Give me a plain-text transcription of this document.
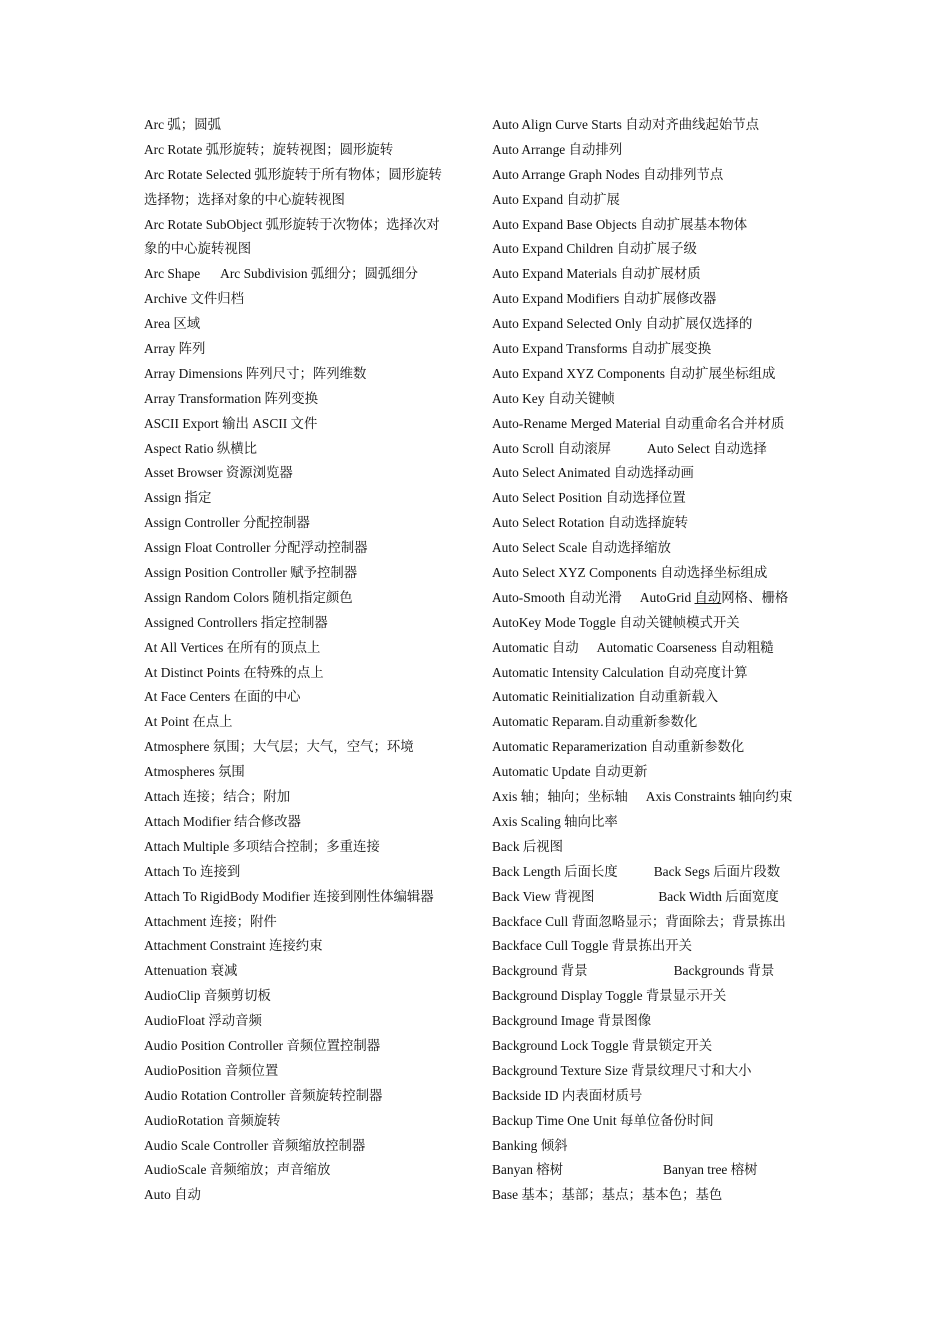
Arc 弧；圆弧
Arc Rotate 弧形旋转；旋转视图；圆形旋转
Arc Rotate Selected 弧形旋转于所有物体；圆形旋转
选择物；选择对象的中心旋转视图
Arc Rotate SubObject 弧形旋转于次物体；选择次对
象的中心旋转视图
Arc Shape Arc Subdivision 弧细分；圆弧细分
Archive 文件归档
Area 区域
Array 阵列
Array Dimensions 阵列尺寸；阵列维数
Array Transformation 阵列变换
ASCII Export 输出 ASCII 文件
Aspect Ratio 纵横比
Asset Browser 资源浏览器
Assign 指定
Assign Controller 分配控制器
Assign Float Controller 分配浮动控制器
Assign Position Controller 赋予控制器
Assign Random Colors 随机指定颜色
Assigned Controllers 指定控制器
At All Vertices 在所有的顶点上
At Distinct Points 在特殊的点上
At Face Centers 在面的中心
At Point 在点上
Atmosphere 氛围；大气层；大气，空气；环境
Atmospheres 氛围
Attach 连接；结合；附加
Attach Modifier 结合修改器
Attach Multiple 多项结合控制；多重连接
Attach To 连接到
Attach To RigidBody Modifier 连接到刚性体编辑器
Attachment 连接；附件
Attachment Constraint 连接约束
Attenuation 衰减
AudioClip 音频剪切板
AudioFloat 浮动音频
Audio Position Controller 音频位置控制器
AudioPosition 音频位置
Audio Rotation Controller 音频旋转控制器
AudioRotation 音频旋转
Audio Scale Controller 音频缩放控制器
AudioScale 音频缩放；声音缩放
Auto 自动
Auto Align Curve Starts 自动对齐曲线起始节点
Auto Arrange 自动排列
Auto Arrange Graph Nodes 自动排列节点
Auto Expand 自动扩展
Auto Expand Base Objects 自动扩展基本物体
Auto Expand Children 自动扩展子级
Auto Expand Materials 自动扩展材质
Auto Expand Modifiers 自动扩展修改器
Auto Expand Selected Only 自动扩展仅选择的
Auto Expand Transforms 自动扩展变换
Auto Expand XYZ Components 自动扩展坐标组成
Auto Key 自动关键帧
Auto-Rename Merged Material 自动重命名合并材质
Auto Scroll 自动滚屏	Auto Select 自动选择
Auto Select Animated 自动选择动画
Auto Select Position 自动选择位置
Auto Select Rotation 自动选择旋转
Auto Select Scale 自动选择缩放
Auto Select XYZ Components 自动选择坐标组成
Auto-Smooth 自动光滑 AutoGrid 自动网格、栅格
AutoKey Mode Toggle 自动关键帧模式开关
Automatic 自动 Automatic Coarseness 自动粗糙
Automatic Intensity Calculation 自动亮度计算
Automatic Reinitialization 自动重新载入
Automatic Reparam.自动重新参数化
Automatic Reparamerization 自动重新参数化
Automatic Update 自动更新
Axis 轴；轴向；坐标轴 Axis Constraints 轴向约束
Axis Scaling 轴向比率
Back 后视图
Back Length 后面长度	Back Segs 后面片段数
Back View 背视图	Back Width 后面宽度
Backface Cull 背面忽略显示；背面除去；背景拣出
Backface Cull Toggle 背景拣出开关
Background 背景	Backgrounds 背景
Background Display Toggle 背景显示开关
Background Image 背景图像
Background Lock Toggle 背景锁定开关
Background Texture Size 背景纹理尺寸和大小
Backside ID 内表面材质号
Backup Time One Unit 每单位备份时间
Banking 倾斜
Banyan 榕树	Banyan tree 榕树
Base 基本；基部；基点；基本色；基色
